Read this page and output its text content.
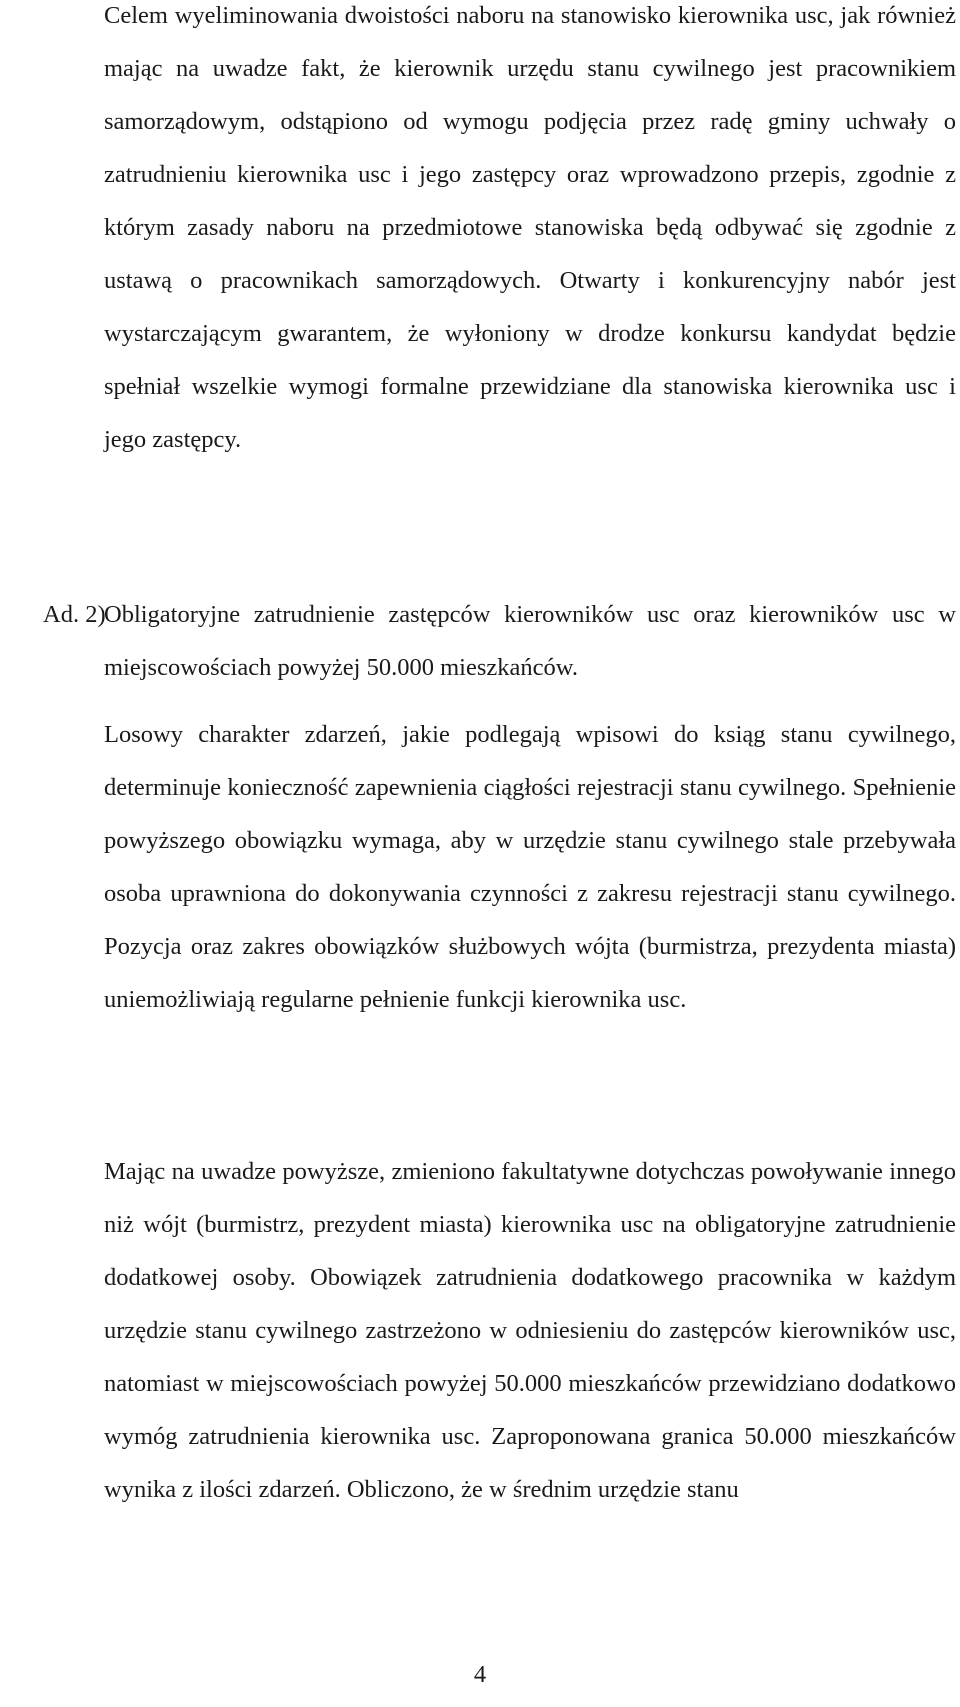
Celem wyeliminowania dwoistości naboru na stanowisko kierownika usc, jak również mając na uwadze fakt, że kierownik urzędu stanu cywilnego jest pracownikiem samorządowym, odstąpiono od wymogu podjęcia przez radę gminy uchwały o zatrudnieniu kierownika usc i jego zastępcy oraz wprowadzono przepis, zgodnie z którym zasady naboru na przedmiotowe stanowiska będą odbywać się zgodnie z ustawą o pracownikach samorządowych. Otwarty i konkurencyjny nabór jest wystarczającym gwarantem, że wyłoniony w drodze konkursu kandydat będzie spełniał wszelkie wymogi formalne przewidziane dla stanowiska kierownika usc i jego zastępcy.

Ad. 2)

Obligatoryjne zatrudnienie zastępców kierowników usc oraz kierowników usc w miejscowościach powyżej 50.000 mieszkańców.

Losowy charakter zdarzeń, jakie podlegają wpisowi do ksiąg stanu cywilnego, determinuje konieczność zapewnienia ciągłości rejestracji stanu cywilnego. Spełnienie powyższego obowiązku wymaga, aby w urzędzie stanu cywilnego stale przebywała osoba uprawniona do dokonywania czynności z zakresu rejestracji stanu cywilnego. Pozycja oraz zakres obowiązków służbowych wójta (burmistrza, prezydenta miasta) uniemożliwiają regularne pełnienie funkcji kierownika usc.

Mając na uwadze powyższe, zmieniono fakultatywne dotychczas powoływanie innego niż wójt (burmistrz, prezydent miasta) kierownika usc na obligatoryjne zatrudnienie dodatkowej osoby. Obowiązek zatrudnienia dodatkowego pracownika w każdym urzędzie stanu cywilnego zastrzeżono w odniesieniu do zastępców kierowników usc, natomiast w miejscowościach powyżej 50.000 mieszkańców przewidziano dodatkowo wymóg zatrudnienia kierownika usc. Zaproponowana granica 50.000 mieszkańców wynika z ilości zdarzeń. Obliczono, że w średnim urzędzie stanu

4
